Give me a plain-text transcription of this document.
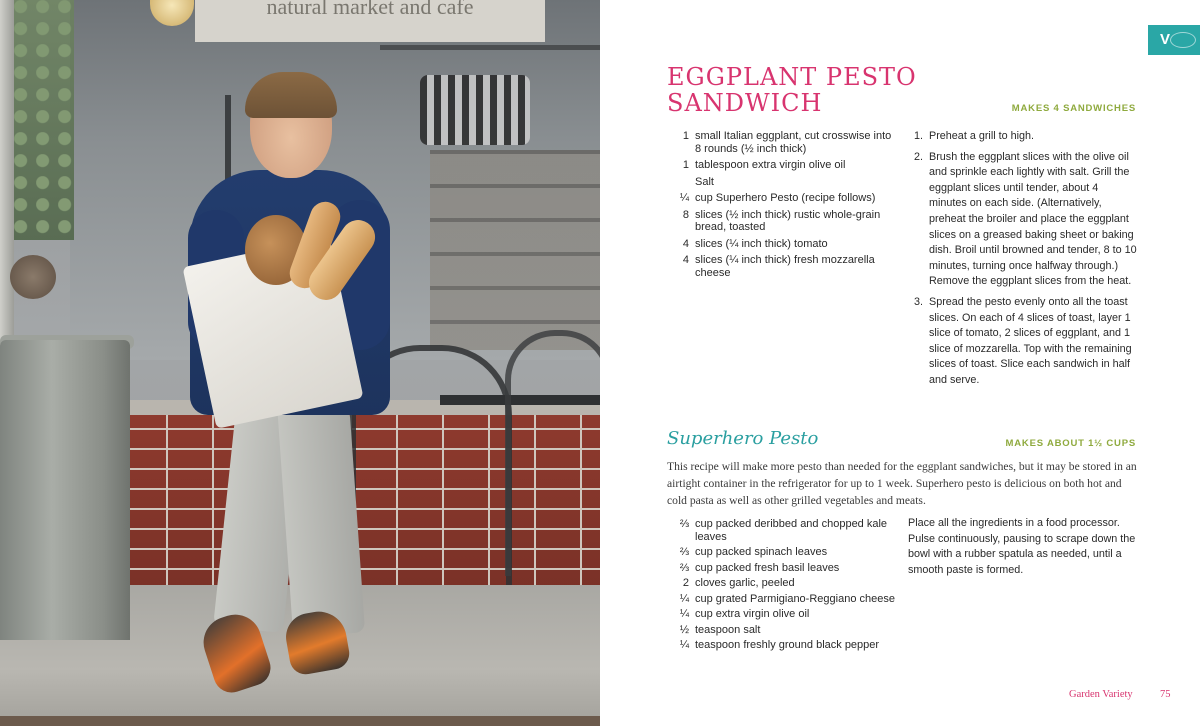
natural market and cafe
V
EGGPLANT PESTO SANDWICH	MAKES 4 SANDWICHES
1 small Italian eggplant, cut crosswise into 8 rounds (½ inch thick)
1 tablespoon extra virgin olive oil
Salt
¼ cup Superhero Pesto (recipe follows)
8 slices (½ inch thick) rustic whole-grain bread, toasted
4 slices (¼ inch thick) tomato
4 slices (¼ inch thick) fresh mozzarella cheese
1. Preheat a grill to high.
2. Brush the eggplant slices with the olive oil and sprinkle each lightly with salt. Grill the eggplant slices until tender, about 4 minutes on each side. (Alternatively, preheat the broiler and place the eggplant slices on a greased baking sheet or baking dish. Broil until browned and tender, 8 to 10 minutes, turning once halfway through.) Remove the eggplant slices from the heat.
3. Spread the pesto evenly onto all the toast slices. On each of 4 slices of toast, layer 1 slice of tomato, 2 slices of eggplant, and 1 slice of mozzarella. Top with the remaining slices of toast. Slice each sandwich in half and serve.
Superhero Pesto	MAKES ABOUT 1½ CUPS

This recipe will make more pesto than needed for the eggplant sandwiches, but it may be stored in an airtight container in the refrigerator for up to 1 week. Superhero pesto is delicious on both hot and cold pasta as well as other grilled vegetables and meats.

⅔ cup packed deribbed and chopped kale leaves
⅔ cup packed spinach leaves
⅔ cup packed fresh basil leaves
2 cloves garlic, peeled
¼ cup grated Parmigiano-Reggiano cheese
¼ cup extra virgin olive oil
½ teaspoon salt
¼ teaspoon freshly ground black pepper

Place all the ingredients in a food processor. Pulse continuously, pausing to scrape down the bowl with a rubber spatula as needed, until a smooth paste is formed.

Garden Variety	75
